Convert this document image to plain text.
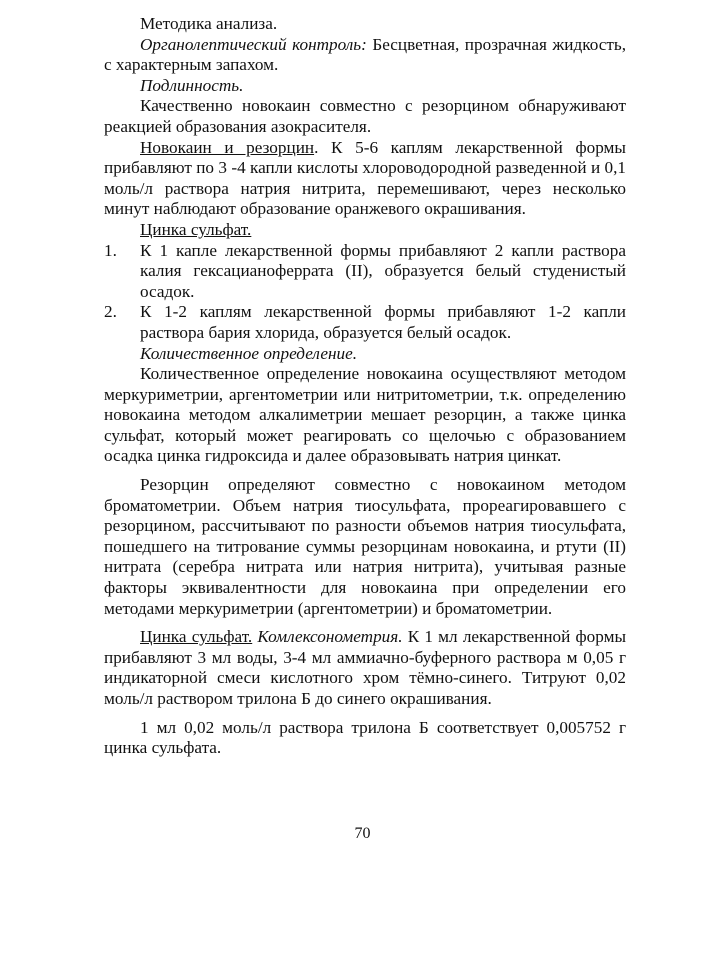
Методика анализа.

Органолептический контроль: Бесцветная, прозрачная жидкость, с характерным запахом.

Подлинность.

Качественно новокаин совместно с резорцином обнаруживают реакцией образования азокрасителя.

Новокаин и резорцин. К 5-6 каплям лекарственной формы прибавляют по 3 -4 капли кислоты хлороводородной разведенной и 0,1 моль/л раствора натрия нитрита, перемешивают, через несколько минут наблюдают образование оранжевого окрашивания.

Цинка сульфат.

1.	К 1 капле лекарственной формы прибавляют 2 капли раствора калия гексацианоферрата (II), образуется белый студенистый осадок.
2.	К 1-2 каплям лекарственной формы прибавляют 1-2 капли раствора бария хлорида, образуется белый осадок.

Количественное определение.

Количественное определение новокаина осуществляют методом меркуриметрии, аргентометрии или нитритометрии, т.к. определению новокаина методом алкалиметрии мешает резорцин, а также цинка сульфат, который может реагировать со щелочью с образованием осадка цинка гидроксида и далее образовывать натрия цинкат.

Резорцин определяют совместно с новокаином методом броматометрии. Объем натрия тиосульфата, прореагировавшего с резорцином, рассчитывают по разности объемов натрия тиосульфата, пошедшего на титрование суммы резорцинам новокаина, и ртути (II) нитрата (серебра нитрата или натрия нитрита), учитывая разные факторы эквивалентности для новокаина при определении его методами меркуриметрии (аргентометрии) и броматометрии.

Цинка сульфат. Комлексонометрия. К 1 мл лекарственной формы прибавляют 3 мл воды, 3-4 мл аммиачно-буферного раствора м 0,05 г индикаторной смеси кислотного хром тёмно-синего. Титруют 0,02 моль/л раствором трилона Б до синего окрашивания.

1 мл 0,02 моль/л раствора трилона Б соответствует 0,005752 г цинка сульфата.

70
